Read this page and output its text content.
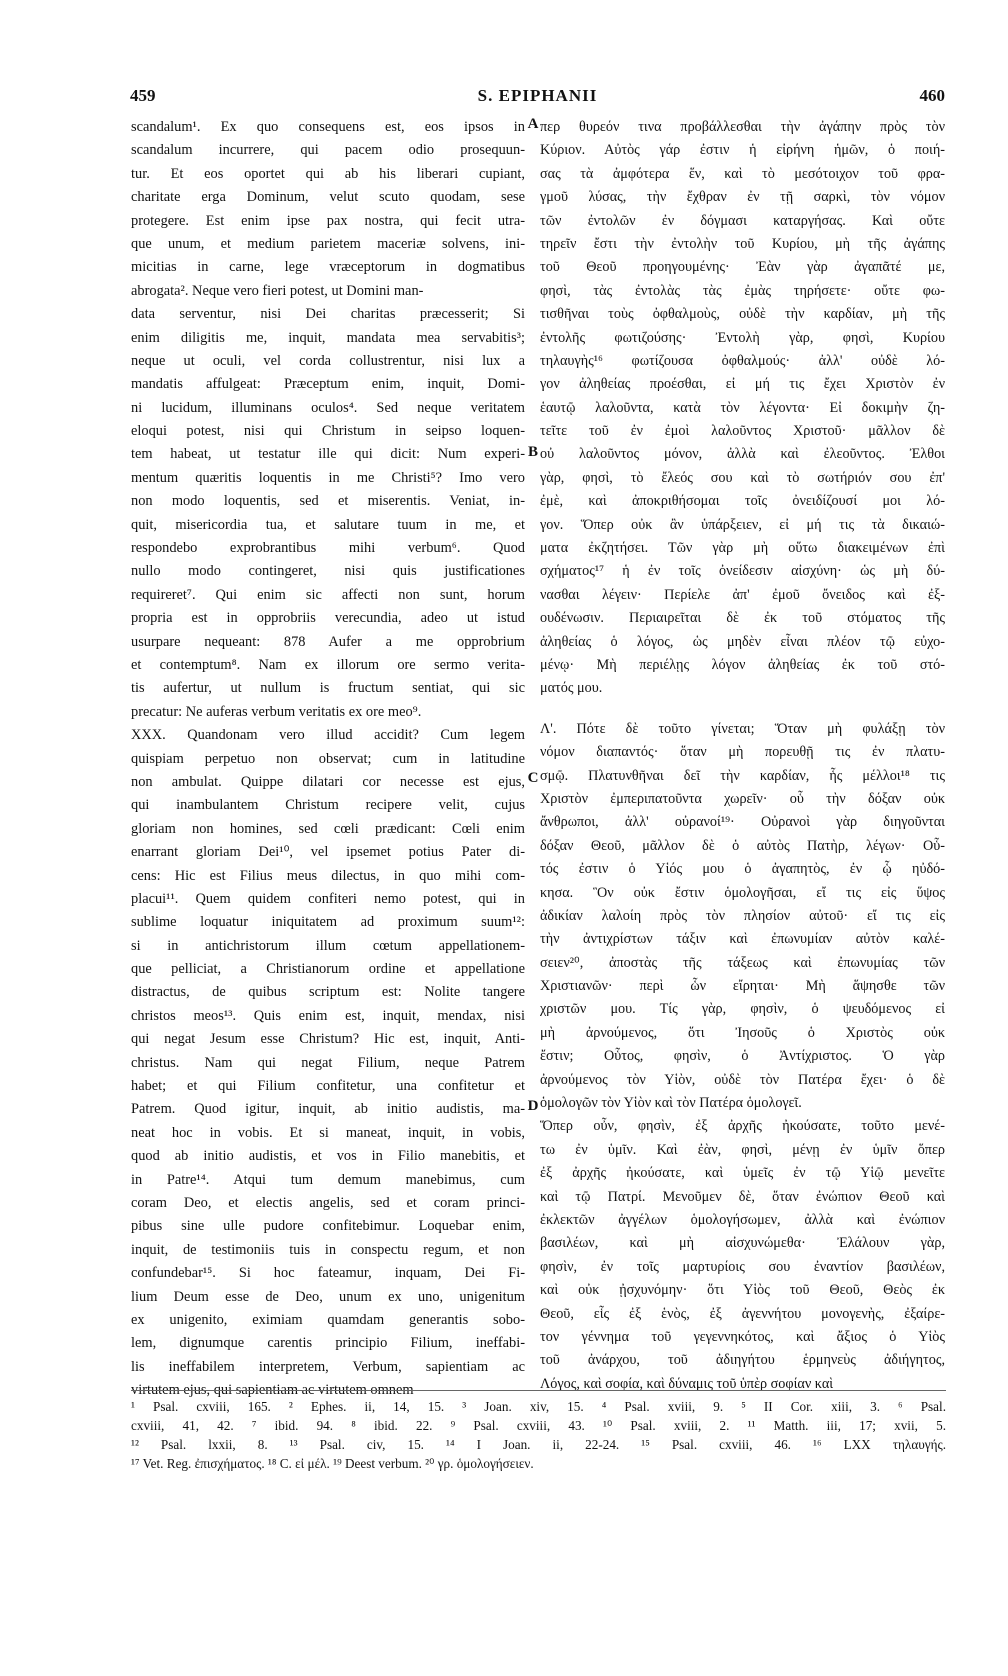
459	S. EPIPHANII	460
scandalum¹. Ex quo consequens est, eos ipsos in
scandalum incurrere, qui pacem odio prosequun-
tur. Et eos oportet qui ab his liberari cupiant,
charitate erga Dominum, velut scuto quodam, sese
protegere. Est enim ipse pax nostra, qui fecit utra-
que unum, et medium parietem maceriæ solvens, ini-
micitias in carne, lege vræceptorum in dogmatibus
abrogata². Neque vero fieri potest, ut Domini man-
data serventur, nisi Dei charitas præcesserit; Si
enim diligitis me, inquit, mandata mea servabitis³;
neque ut oculi, vel corda collustrentur, nisi lux a
mandatis affulgeat: Præceptum enim, inquit, Domi-
ni lucidum, illuminans oculos⁴. Sed neque veritatem
eloqui potest, nisi qui Christum in seipso loquen-
tem habeat, ut testatur ille qui dicit: Num experi-
mentum quæritis loquentis in me Christi⁵? Imo vero
non modo loquentis, sed et miserentis. Veniat, in-
quit, misericordia tua, et salutare tuum in me, et
respondebo exprobrantibus mihi verbum⁶. Quod
nullo modo contingeret, nisi quis justificationes
requireret⁷. Qui enim sic affecti non sunt, horum
propria est in opprobriis verecundia, adeo ut istud
usurpare nequeant: 878 Aufer a me opprobrium
et contemptum⁸. Nam ex illorum ore sermo verita-
tis aufertur, ut nullum is fructum sentiat, qui sic
precatur: Ne auferas verbum veritatis ex ore meo⁹.
XXX. Quandonam vero illud accidit? Cum legem
quispiam perpetuo non observat; cum in latitudine
non ambulat. Quippe dilatari cor necesse est ejus,
qui inambulantem Christum recipere velit, cujus
gloriam non homines, sed cœli prædicant: Cœli enim
enarrant gloriam Dei¹⁰, vel ipsemet potius Pater di-
cens: Hic est Filius meus dilectus, in quo mihi com-
placui¹¹. Quem quidem confiteri nemo potest, qui in
sublime loquatur iniquitatem ad proximum suum¹²:
si in antichristorum illum cœtum appellationem-
que pelliciat, a Christianorum ordine et appellatione
distractus, de quibus scriptum est: Nolite tangere
christos meos¹³. Quis enim est, inquit, mendax, nisi
qui negat Jesum esse Christum? Hic est, inquit, Anti-
christus. Nam qui negat Filium, neque Patrem
habet; et qui Filium confitetur, una confitetur et
Patrem. Quod igitur, inquit, ab initio audistis, ma-
neat hoc in vobis. Et si maneat, inquit, in vobis,
quod ab initio audistis, et vos in Filio manebitis, et
in Patre¹⁴. Atqui tum demum manebimus, cum
coram Deo, et electis angelis, sed et coram princi-
pibus sine ulle pudore confitebimur. Loquebar enim,
inquit, de testimoniis tuis in conspectu regum, et non
confundebar¹⁵. Si hoc fateamur, inquam, Dei Fi-
lium Deum esse de Deo, unum ex uno, unigenitum
ex unigenito, eximiam quamdam generantis sobo-
lem, dignumque carentis principio Filium, ineffabi-
lis ineffabilem interpretem, Verbum, sapientiam ac
virtutem ejus, qui sapientiam ac virtutem omnem
A
B
C
D
περ θυρεόν τινα προβάλλεσθαι τὴν ἀγάπην πρὸς τὸν
Κύριον. Αὐτὸς γάρ ἐστιν ἡ εἰρήνη ἡμῶν, ὁ ποιή-
σας τὰ ἀμφότερα ἕν, καὶ τὸ μεσότοιχον τοῦ φρα-
γμοῦ λύσας, τὴν ἔχθραν ἐν τῇ σαρκὶ, τὸν νόμον
τῶν ἐντολῶν ἐν δόγμασι καταργήσας. Καὶ οὔτε
τηρεῖν ἔστι τὴν ἐντολὴν τοῦ Κυρίου, μὴ τῆς ἀγάπης
τοῦ Θεοῦ προηγουμένης· Ἐὰν γὰρ ἀγαπᾶτέ με,
φησὶ, τὰς ἐντολὰς τὰς ἐμὰς τηρήσετε· οὔτε φω-
τισθῆναι τοὺς ὀφθαλμοὺς, οὐδὲ τὴν καρδίαν, μὴ τῆς
ἐντολῆς φωτιζούσης· Ἐντολὴ γὰρ, φησὶ, Κυρίου
τηλαυγὴς¹⁶ φωτίζουσα ὀφθαλμούς· ἀλλ' οὐδὲ λό-
γον ἀληθείας προέσθαι, εἰ μή τις ἔχει Χριστὸν ἐν
ἑαυτῷ λαλοῦντα, κατὰ τὸν λέγοντα· Εἰ δοκιμὴν ζη-
τεῖτε τοῦ ἐν ἐμοὶ λαλοῦντος Χριστοῦ· μᾶλλον δὲ
οὐ λαλοῦντος μόνον, ἀλλὰ καὶ ἐλεοῦντος. Ἐλθοι
γὰρ, φησὶ, τὸ ἔλεός σου καὶ τὸ σωτήριόν σου ἐπ'
ἐμὲ, καὶ ἀποκριθήσομαι τοῖς ὀνειδίζουσί μοι λό-
γον. Ὅπερ οὐκ ἂν ὑπάρξειεν, εἰ μή τις τὰ δικαιώ-
ματα ἐκζητήσει. Τῶν γὰρ μὴ οὕτω διακειμένων ἐπὶ
σχήματος¹⁷ ἡ ἐν τοῖς ὀνείδεσιν αἰσχύνη· ὡς μὴ δύ-
νασθαι λέγειν· Περίελε ἀπ' ἐμοῦ ὄνειδος καὶ ἐξ-
ουδένωσιν. Περιαιρεῖται δὲ ἐκ τοῦ στόματος τῆς
ἀληθείας ὁ λόγος, ὡς μηδὲν εἶναι πλέον τῷ εὐχο-
μένῳ· Μὴ περιέλῃς λόγον ἀληθείας ἐκ τοῦ στό-
ματός μου.
Λ'. Πότε δὲ τοῦτο γίνεται; Ὅταν μὴ φυλάξῃ τὸν
νόμον διαπαντός· ὅταν μὴ πορευθῇ τις ἐν πλατυ-
σμῷ. Πλατυνθῆναι δεῖ τὴν καρδίαν, ἧς μέλλοι¹⁸ τις
Χριστὸν ἐμπεριπατοῦντα χωρεῖν· οὗ τὴν δόξαν οὐκ
ἄνθρωποι, ἀλλ' οὐρανοί¹⁹· Οὐρανοὶ γὰρ διηγοῦνται
δόξαν Θεοῦ, μᾶλλον δὲ ὁ αὐτὸς Πατὴρ, λέγων· Οὗ-
τός ἐστιν ὁ Υἱός μου ὁ ἀγαπητὸς, ἐν ᾧ ηὐδό-
κησα. Ὃν οὐκ ἔστιν ὁμολογῆσαι, εἴ τις εἰς ὕψος
ἀδικίαν λαλοίη πρὸς τὸν πλησίον αὐτοῦ· εἴ τις εἰς
τὴν ἀντιχρίστων τάξιν καὶ ἐπωνυμίαν αὐτὸν καλέ-
σειεν²⁰, ἀποστὰς τῆς τάξεως καὶ ἐπωνυμίας τῶν
Χριστιανῶν· περὶ ὧν εἴρηται· Μὴ ἅψησθε τῶν
χριστῶν μου. Τίς γὰρ, φησὶν, ὁ ψευδόμενος εἰ
μὴ ἀρνούμενος, ὅτι Ἰησοῦς ὁ Χριστὸς οὐκ
ἔστιν; Οὗτος, φησὶν, ὁ Ἀντίχριστος. Ὁ γὰρ
ἀρνούμενος τὸν Υἱὸν, οὐδὲ τὸν Πατέρα ἔχει· ὁ δὲ
ὁμολογῶν τὸν Υἱὸν καὶ τὸν Πατέρα ὁμολογεῖ.
Ὅπερ οὖν, φησὶν, ἐξ ἀρχῆς ἠκούσατε, τοῦτο μενέ-
τω ἐν ὑμῖν. Καὶ ἐὰν, φησὶ, μένῃ ἐν ὑμῖν ὅπερ
ἐξ ἀρχῆς ἠκούσατε, καὶ ὑμεῖς ἐν τῷ Υἱῷ μενεῖτε
καὶ τῷ Πατρί. Μενοῦμεν δὲ, ὅταν ἐνώπιον Θεοῦ καὶ
ἐκλεκτῶν ἀγγέλων ὁμολογήσωμεν, ἀλλὰ καὶ ἐνώπιον
βασιλέων, καὶ μὴ αἰσχυνώμεθα· Ἐλάλουν γὰρ,
φησὶν, ἐν τοῖς μαρτυρίοις σου ἐναντίον βασιλέων,
καὶ οὐκ ᾐσχυνόμην· ὅτι Υἱὸς τοῦ Θεοῦ, Θεὸς ἐκ
Θεοῦ, εἷς ἐξ ἑνὸς, ἐξ ἀγεννήτου μονογενὴς, ἐξαίρε-
τον γέννημα τοῦ γεγεννηκότος, καὶ ἄξιος ὁ Υἱὸς
τοῦ ἀνάρχου, τοῦ ἀδιηγήτου ἑρμηνεὺς ἀδιήγητος,
Λόγος, καὶ σοφία, καὶ δύναμις τοῦ ὑπὲρ σοφίαν καὶ
¹ Psal. cxviii, 165. ² Ephes. ii, 14, 15. ³ Joan. xiv, 15. ⁴ Psal. xviii, 9. ⁵ II Cor. xiii, 3. ⁶ Psal.
cxviii, 41, 42. ⁷ ibid. 94. ⁸ ibid. 22. ⁹ Psal. cxviii, 43. ¹⁰ Psal. xviii, 2. ¹¹ Matth. iii, 17; xvii, 5.
¹² Psal. lxxii, 8. ¹³ Psal. civ, 15. ¹⁴ I Joan. ii, 22-24. ¹⁵ Psal. cxviii, 46. ¹⁶ LXX τηλαυγής.
¹⁷ Vet. Reg. ἐπισχήματος. ¹⁸ C. εἰ μέλ. ¹⁹ Deest verbum. ²⁰ γρ. ὁμολογήσειεν.
